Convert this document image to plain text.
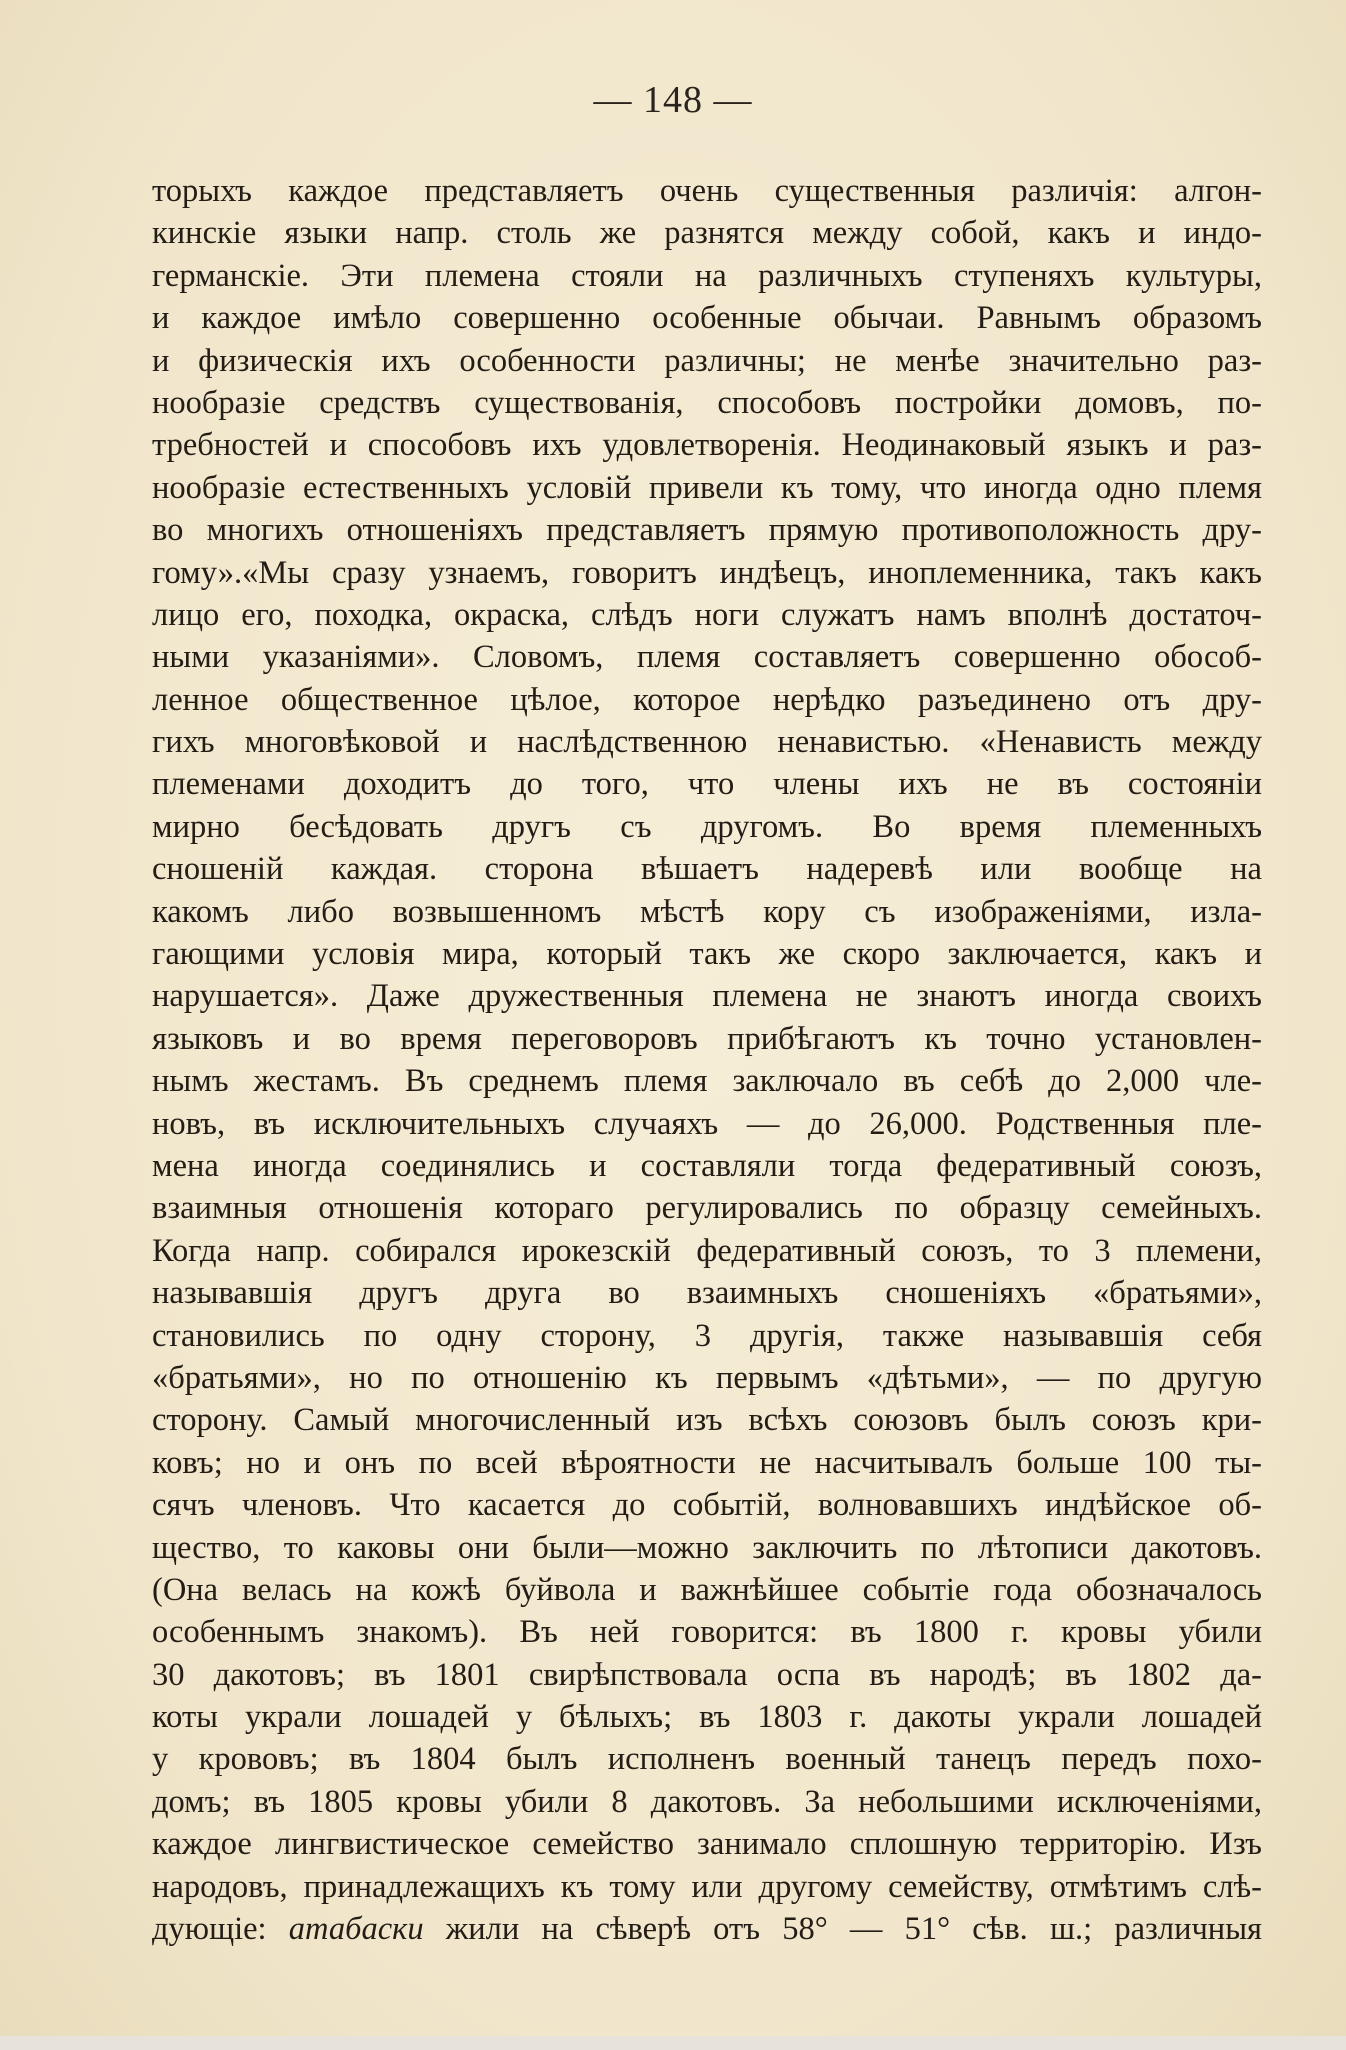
— 148 —
торыхъ каждое представляетъ очень существенныя различія: алгон-
кинскіе языки напр. столь же разнятся между собой, какъ и индо-
германскіе. Эти племена стояли на различныхъ ступеняхъ культуры,
и каждое имѣло совершенно особенные обычаи. Равнымъ образомъ
и физическія ихъ особенности различны; не менѣе значительно раз-
нообразіе средствъ существованія, способовъ постройки домовъ, по-
требностей и способовъ ихъ удовлетворенія. Неодинаковый языкъ и раз-
нообразіе естественныхъ условій привели къ тому, что иногда одно племя
во многихъ отношеніяхъ представляетъ прямую противоположность дру-
гому».«Мы сразу узнаемъ, говоритъ индѣецъ, иноплеменника, такъ какъ
лицо его, походка, окраска, слѣдъ ноги служатъ намъ вполнѣ достаточ-
ными указаніями». Словомъ, племя составляетъ совершенно обособ-
ленное общественное цѣлое, которое нерѣдко разъединено отъ дру-
гихъ многовѣковой и наслѣдственною ненавистью. «Ненависть между
племенами доходитъ до того, что члены ихъ не въ состояніи
мирно бесѣдовать другъ съ другомъ. Во время племенныхъ
сношеній каждая. сторона вѣшаетъ надеревѣ или вообще на
какомъ либо возвышенномъ мѣстѣ кору съ изображеніями, изла-
гающими условія мира, который такъ же скоро заключается, какъ и
нарушается». Даже дружественныя племена не знаютъ иногда своихъ
языковъ и во время переговоровъ прибѣгаютъ къ точно установлен-
нымъ жестамъ. Въ среднемъ племя заключало въ себѣ до 2,000 чле-
новъ, въ исключительныхъ случаяхъ — до 26,000. Родственныя пле-
мена иногда соединялись и составляли тогда федеративный союзъ,
взаимныя отношенія котораго регулировались по образцу семейныхъ.
Когда напр. собирался ирокезскій федеративный союзъ, то 3 племени,
называвшія другъ друга во взаимныхъ сношеніяхъ «братьями»,
становились по одну сторону, 3 другія, также называвшія себя
«братьями», но по отношенію къ первымъ «дѣтьми», — по другую
сторону. Самый многочисленный изъ всѣхъ союзовъ былъ союзъ кри-
ковъ; но и онъ по всей вѣроятности не насчитывалъ больше 100 ты-
сячъ членовъ. Что касается до событій, волновавшихъ индѣйское об-
щество, то каковы они были—можно заключить по лѣтописи дакотовъ.
(Она велась на кожѣ буйвола и важнѣйшее событіе года обозначалось
особеннымъ знакомъ). Въ ней говорится: въ 1800 г. кровы убили
30 дакотовъ; въ 1801 свирѣпствовала оспа въ народѣ; въ 1802 да-
коты украли лошадей у бѣлыхъ; въ 1803 г. дакоты украли лошадей
у крововъ; въ 1804 былъ исполненъ военный танецъ передъ похо-
домъ; въ 1805 кровы убили 8 дакотовъ. За небольшими исключеніями,
каждое лингвистическое семейство занимало сплошную территорію. Изъ
народовъ, принадлежащихъ къ тому или другому семейству, отмѣтимъ слѣ-
дующіе: атабаски жили на сѣверѣ отъ 58° — 51° сѣв. ш.; различныя
